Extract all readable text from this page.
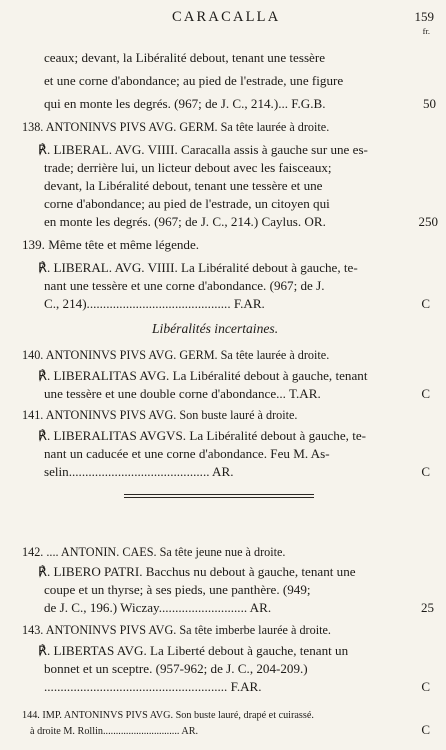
CARACALLA	159
fr.
ceaux; devant, la Libéralité debout, tenant une tessère
et une corne d'abondance; au pied de l'estrade, une figure
qui en monte les degrés. (967; de J. C., 214.)... F.G.B.	50
138. ANTONINVS PIVS AVG. GERM. Sa tête laurée à droite.
℟. LIBERAL. AVG. VIIII. Caracalla assis à gauche sur une es-
trade; derrière lui, un licteur debout avec les faisceaux;
devant, la Libéralité debout, tenant une tessère et une
corne d'abondance; au pied de l'estrade, un citoyen qui
en monte les degrés. (967; de J. C., 214.) Caylus. OR.	250
139. Même tête et même légende.
℟. LIBERAL. AVG. VIIII. La Libéralité debout à gauche, te-
nant une tessère et une corne d'abondance. (967; de J.
C., 214)............................................ F.AR.	C
Libéralités incertaines.
140. ANTONINVS PIVS AVG. GERM. Sa tête laurée à droite.
℟. LIBERALITAS AVG. La Libéralité debout à gauche, tenant
une tessère et une double corne d'abondance... T.AR.	C
141. ANTONINVS PIVS AVG. Son buste lauré à droite.
℟. LIBERALITAS AVGVS. La Libéralité debout à gauche, te-
nant un caducée et une corne d'abondance. Feu M. As-
selin........................................... AR.	C
142. .... ANTONIN. CAES. Sa tête jeune nue à droite.
℟. LIBERO PATRI. Bacchus nu debout à gauche, tenant une
coupe et un thyrse; à ses pieds, une panthère. (949;
de J. C., 196.) Wiczay........................... AR.	25
143. ANTONINVS PIVS AVG. Sa tête imberbe laurée à droite.
℟. LIBERTAS AVG. La Liberté debout à gauche, tenant un
bonnet et un sceptre. (957-962; de J. C., 204-209.)
........................................................ F.AR.	C
144. IMP. ANTONINVS PIVS AVG. Son buste lauré, drapé et cuirassé.
à droite M. Rollin.............................. AR.	C
